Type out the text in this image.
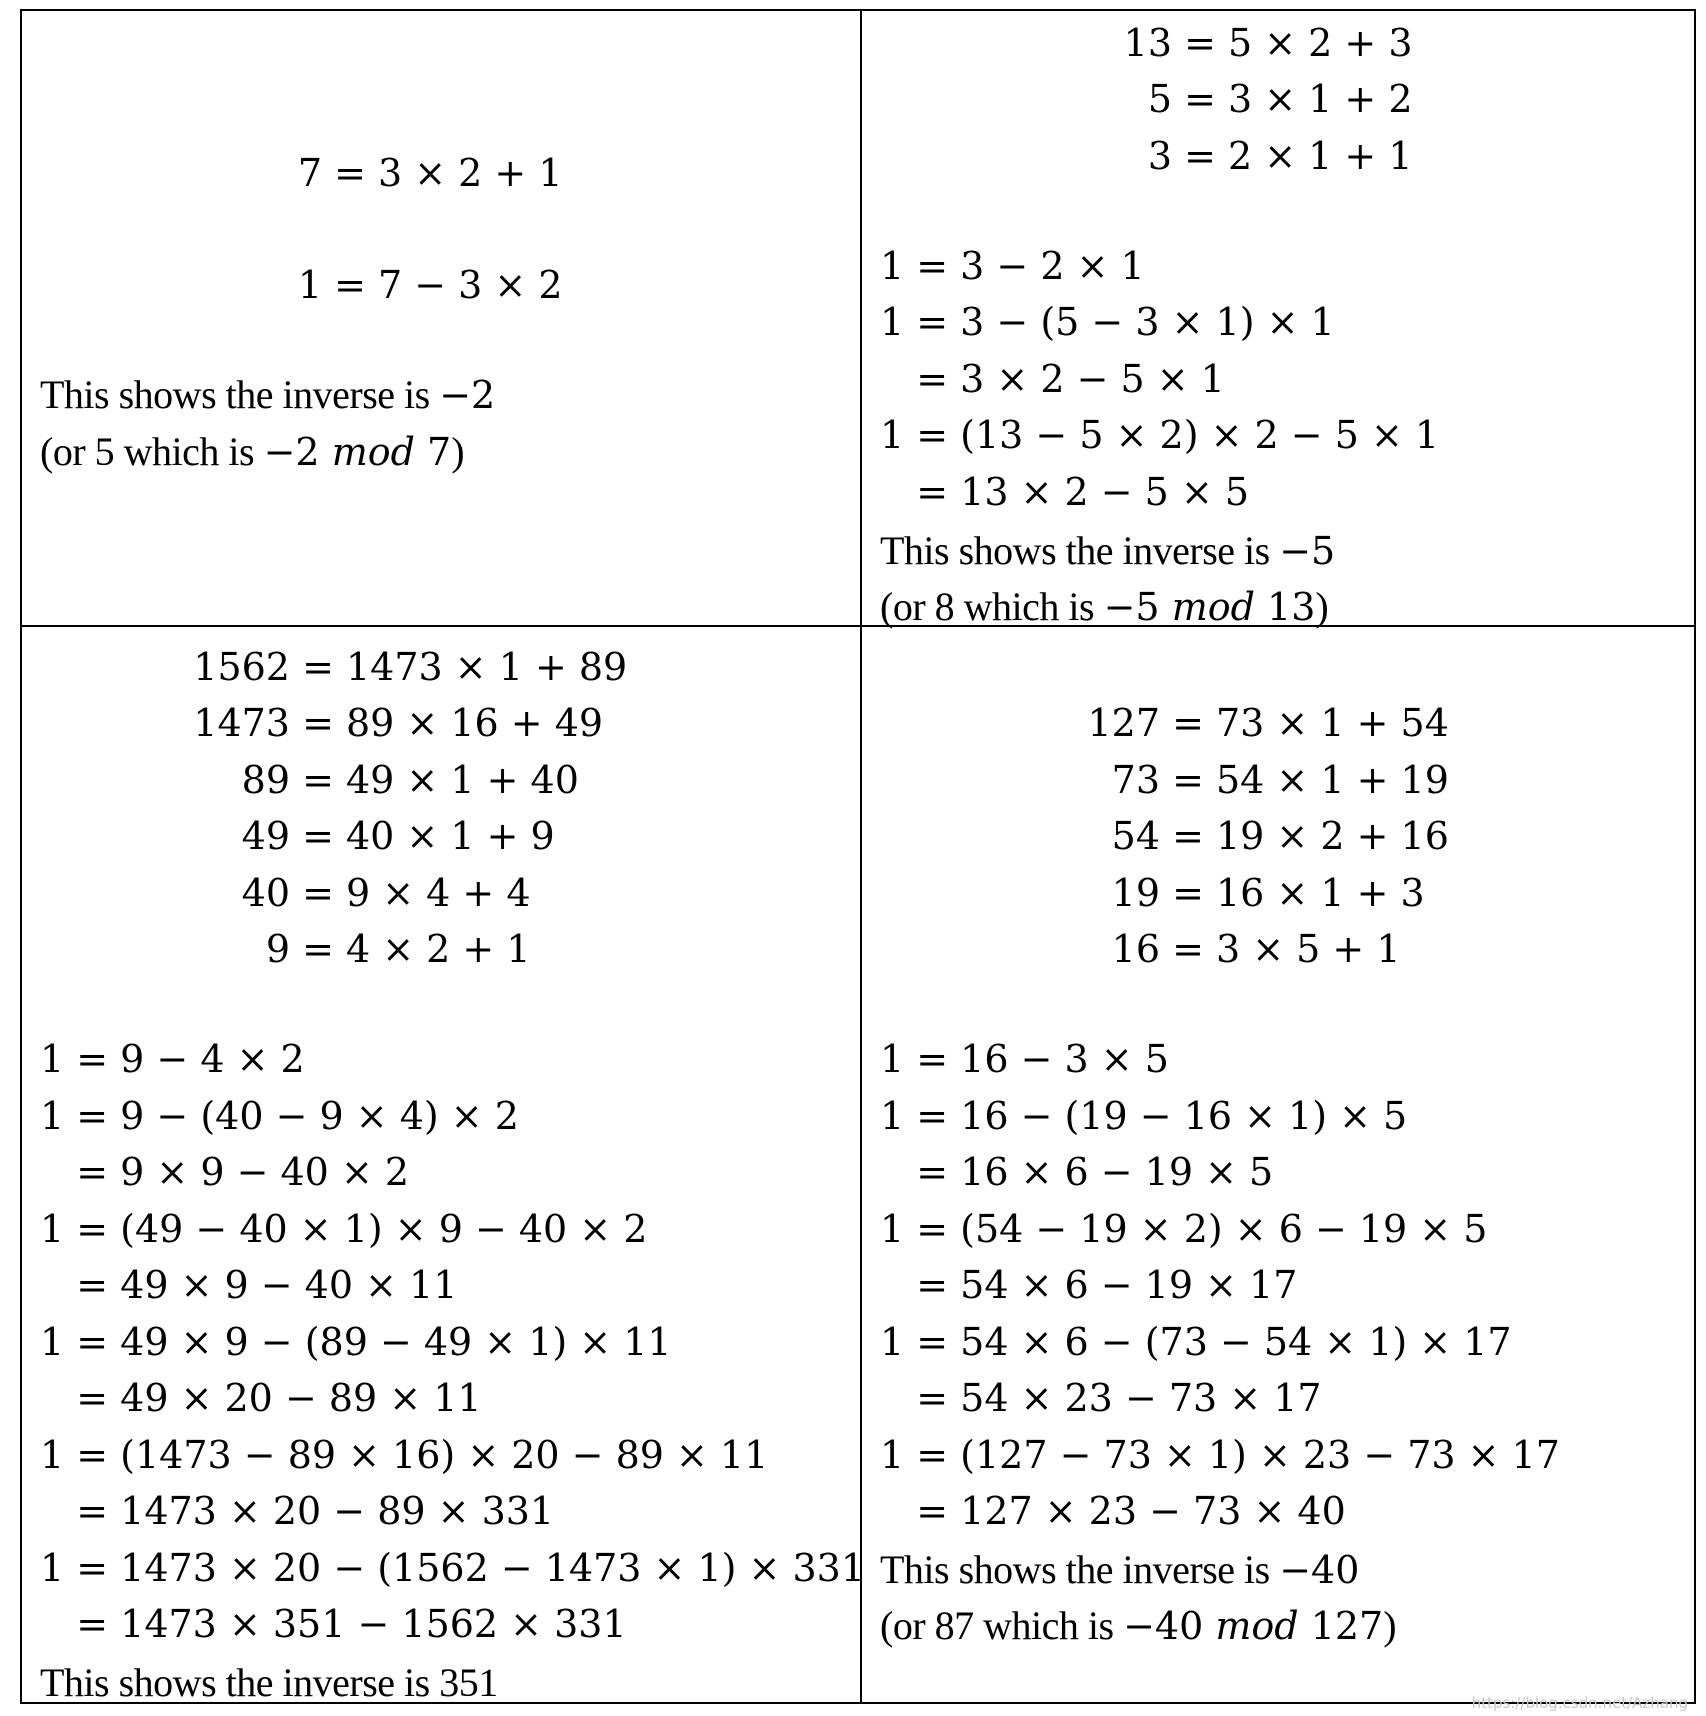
7 = 3 × 2 + 1
1 = 7 − 3 × 2
This shows the inverse is −2
(or 5 which is −2 mod 7)
13 = 5 × 2 + 3
5 = 3 × 1 + 2
3 = 2 × 1 + 1
1 = 3 − 2 × 1
1 = 3 − (5 − 3 × 1) × 1
= 3 × 2 − 5 × 1
1 = (13 − 5 × 2) × 2 − 5 × 1
= 13 × 2 − 5 × 5
This shows the inverse is −5
(or 8 which is −5 mod 13)
1562 = 1473 × 1 + 89
1473 = 89 × 16 + 49
89 = 49 × 1 + 40
49 = 40 × 1 + 9
40 = 9 × 4 + 4
9 = 4 × 2 + 1
1 = 9 − 4 × 2
1 = 9 − (40 − 9 × 4) × 2
= 9 × 9 − 40 × 2
1 = (49 − 40 × 1) × 9 − 40 × 2
= 49 × 9 − 40 × 11
1 = 49 × 9 − (89 − 49 × 1) × 11
= 49 × 20 − 89 × 11
1 = (1473 − 89 × 16) × 20 − 89 × 11
= 1473 × 20 − 89 × 331
1 = 1473 × 20 − (1562 − 1473 × 1) × 331
= 1473 × 351 − 1562 × 331
This shows the inverse is 351
127 = 73 × 1 + 54
73 = 54 × 1 + 19
54 = 19 × 2 + 16
19 = 16 × 1 + 3
16 = 3 × 5 + 1
1 = 16 − 3 × 5
1 = 16 − (19 − 16 × 1) × 5
= 16 × 6 − 19 × 5
1 = (54 − 19 × 2) × 6 − 19 × 5
= 54 × 6 − 19 × 17
1 = 54 × 6 − (73 − 54 × 1) × 17
= 54 × 23 − 73 × 17
1 = (127 − 73 × 1) × 23 − 73 × 17
= 127 × 23 − 73 × 40
This shows the inverse is −40
(or 87 which is −40 mod 127)
https://blog.csdn.net/Azhang
